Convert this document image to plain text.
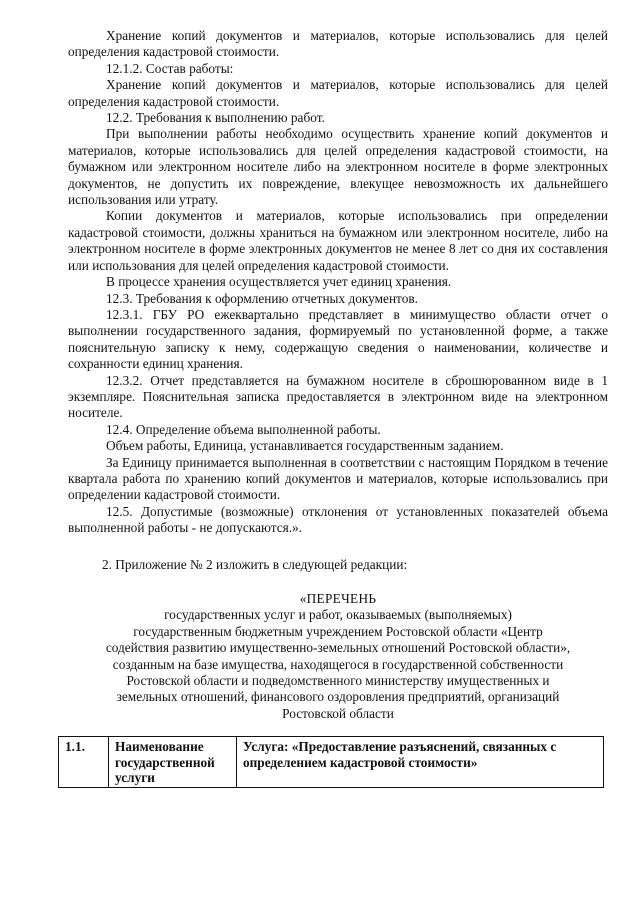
Хранение копий документов и материалов, которые использовались для целей определения кадастровой стоимости.

12.1.2. Состав работы:

Хранение копий документов и материалов, которые использовались для целей определения кадастровой стоимости.

12.2. Требования к выполнению работ.

При выполнении работы необходимо осуществить хранение копий документов и материалов, которые использовались для целей определения кадастровой стоимости, на бумажном или электронном носителе либо на электронном носителе в форме электронных документов, не допустить их повреждение, влекущее невозможность их дальнейшего использования или утрату.

Копии документов и материалов, которые использовались при определении кадастровой стоимости, должны храниться на бумажном или электронном носителе, либо на электронном носителе в форме электронных документов не менее 8 лет со дня их составления или использования для целей определения кадастровой стоимости.

В процессе хранения осуществляется учет единиц хранения.

12.3. Требования к оформлению отчетных документов.

12.3.1. ГБУ РО ежеквартально представляет в минимущество области отчет о выполнении государственного задания, формируемый по установленной форме, а также пояснительную записку к нему, содержащую сведения о наименовании, количестве и сохранности единиц хранения.

12.3.2. Отчет представляется на бумажном носителе в сброшюрованном виде в 1 экземпляре. Пояснительная записка предоставляется в электронном виде на электронном носителе.

12.4. Определение объема выполненной работы.

Объем работы, Единица, устанавливается государственным заданием.

За Единицу принимается выполненная в соответствии с настоящим Порядком в течение квартала работа по хранению копий документов и материалов, которые использовались при определении кадастровой стоимости.

12.5. Допустимые (возможные) отклонения от установленных показателей объема выполненной работы - не допускаются.».

2. Приложение № 2 изложить в следующей редакции:

«ПЕРЕЧЕНЬ

государственных услуг и работ, оказываемых (выполняемых)

государственным бюджетным учреждением Ростовской области «Центр

содействия развитию имущественно-земельных отношений Ростовской области»,

созданным на базе имущества, находящегося в государственной собственности

Ростовской области и подведомственного министерству имущественных и

земельных отношений, финансового оздоровления предприятий, организаций

Ростовской области

1.1.	Наименование государственной услуги	Услуга: «Предоставление разъяснений, связанных с определением кадастровой стоимости»
